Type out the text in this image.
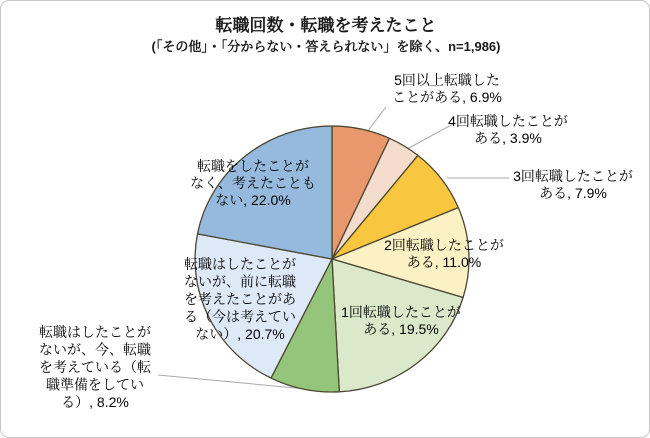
転職回数・転職を考えたこと
(「その他」・「分からない・答えられない」を除く、n=1,986)
5回以上転職したことがある, 6.9%
4回転職したことがある, 3.9%
3回転職したことがある, 7.9%
2回転職したことがある, 11.0%
1回転職したことがある, 19.5%
転職はしたことがないが、今、転職を考えている（転職準備をしている）, 8.2%
転職はしたことがないが、前に転職を考えたことがある（今は考えていない）, 20.7%
転職をしたことがなく、考えたこともない, 22.0%
